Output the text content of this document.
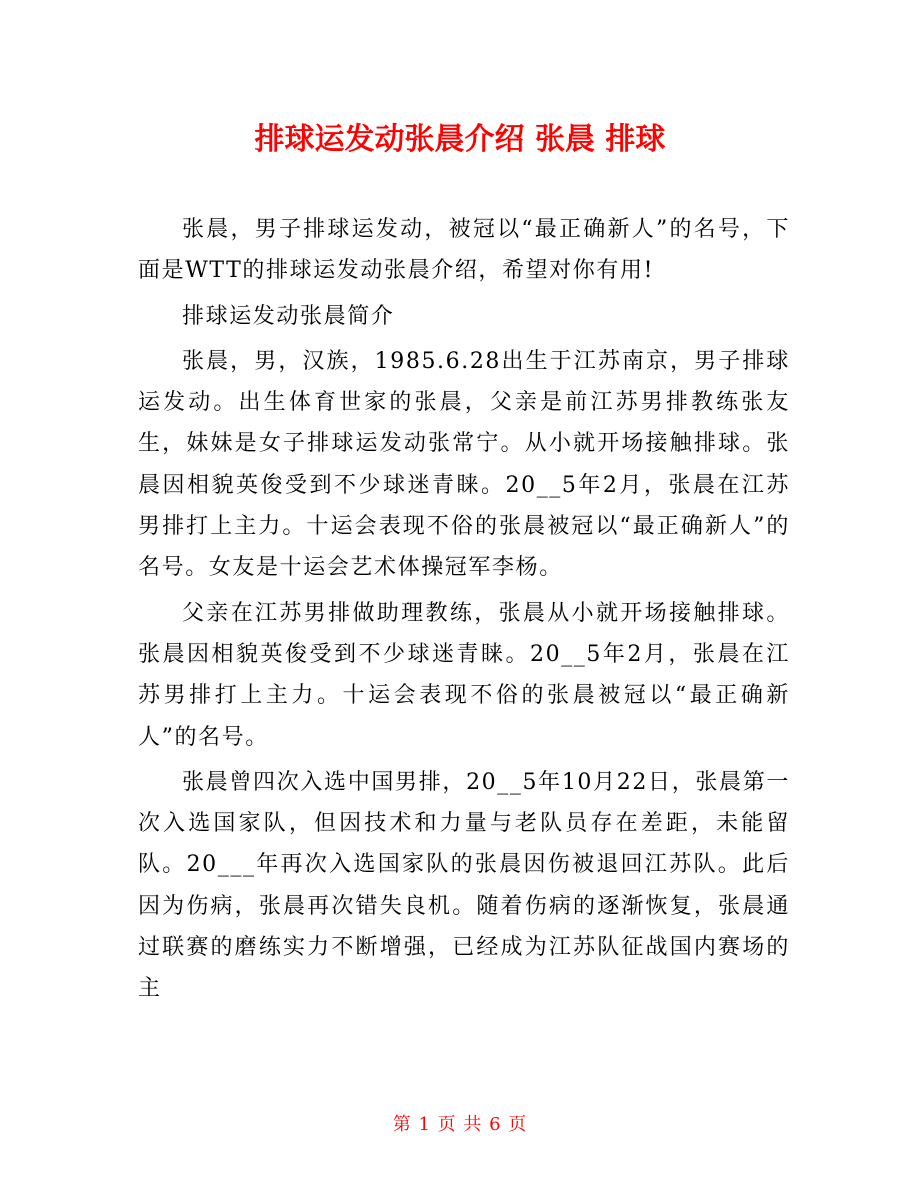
排球运发动张晨介绍 张晨 排球

张晨，男子排球运发动，被冠以“最正确新人”的名号，下面是WTT的排球运发动张晨介绍，希望对你有用!

排球运发动张晨简介

张晨，男，汉族，1985.6.28出生于江苏南京，男子排球运发动。出生体育世家的张晨，父亲是前江苏男排教练张友生，妹妹是女子排球运发动张常宁。从小就开场接触排球。张晨因相貌英俊受到不少球迷青睐。20__5年2月，张晨在江苏男排打上主力。十运会表现不俗的张晨被冠以“最正确新人”的名号。女友是十运会艺术体操冠军李杨。

父亲在江苏男排做助理教练，张晨从小就开场接触排球。张晨因相貌英俊受到不少球迷青睐。20__5年2月，张晨在江苏男排打上主力。十运会表现不俗的张晨被冠以“最正确新人”的名号。

张晨曾四次入选中国男排，20__5年10月22日，张晨第一次入选国家队，但因技术和力量与老队员存在差距，未能留队。20___年再次入选国家队的张晨因伤被退回江苏队。此后因为伤病，张晨再次错失良机。随着伤病的逐渐恢复，张晨通过联赛的磨练实力不断增强，已经成为江苏队征战国内赛场的主

第 1 页 共 6 页
